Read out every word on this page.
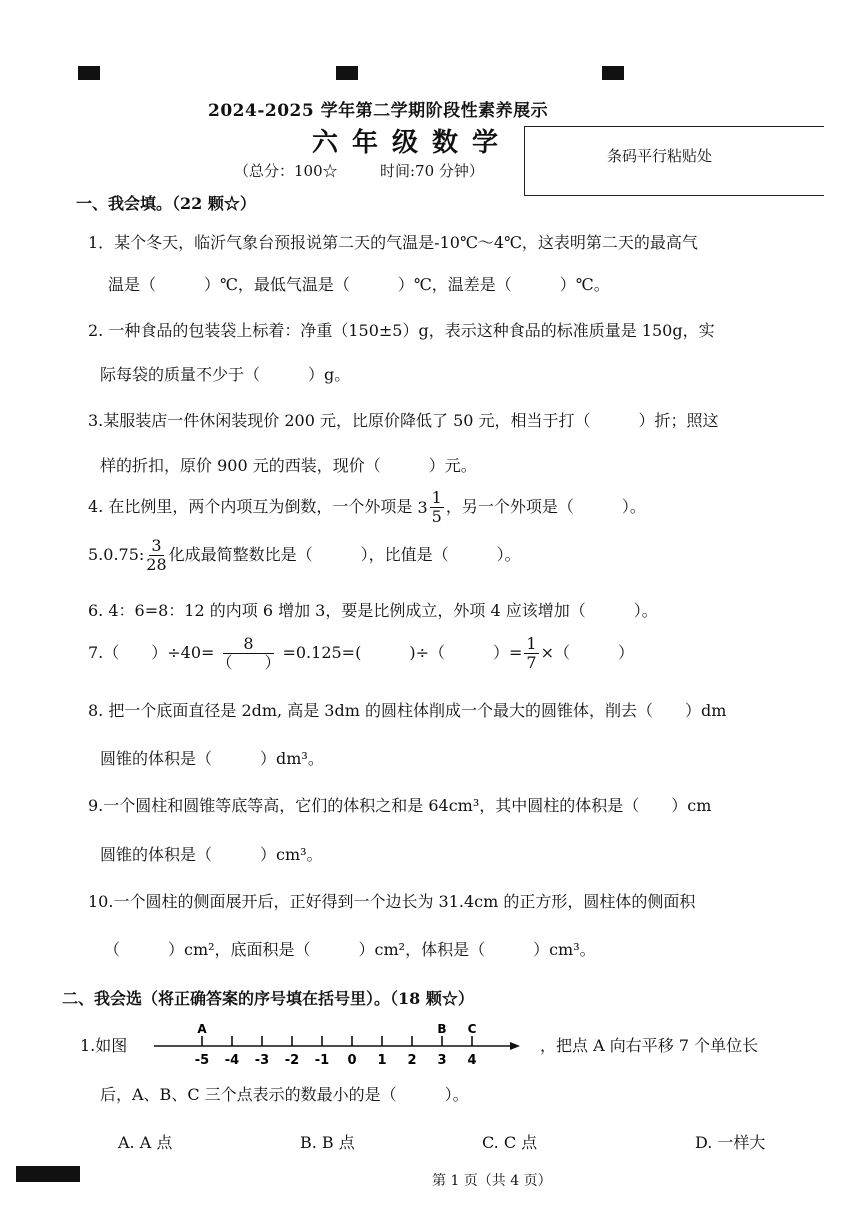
2024-2025 学年第二学期阶段性素养展示
六年级数学
（总分：100☆	时间:70 分钟）
条码平行粘贴处
一、我会填。（22 颗☆）
1．某个冬天，临沂气象台预报说第二天的气温是-10℃～4℃，这表明第二天的最高气
温是（　　　）℃，最低气温是（　　　）℃，温差是（　　　）℃。
2. 一种食品的包装袋上标着：净重（150±5）g，表示这种食品的标准质量是 150g，实
际每袋的质量不少于（　　　）g。
3.某服装店一件休闲装现价 200 元，比原价降低了 50 元，相当于打（　　　）折；照这
样的折扣，原价 900 元的西装，现价（　　　）元。
4. 在比例里，两个内项互为倒数，一个外项是 $3 \frac{1}{5}$ ，另一个外项是（　　　）。
5.0.75: $\frac{3}{28}$ 化成最简整数比是（　　　），比值是（　　　）。
6. 4：6=8：12 的内项 6 增加 3，要是比例成立，外项 4 应该增加（　　　）。
7.（　　）$\div 40= \frac{8}{( )} =0.125=$(　　　)÷（　　　）= $\frac{1}{7}$ ×（　　　）
8. 把一个底面直径是 2dm, 高是 3dm 的圆柱体削成一个最大的圆锥体，削去（　　）dm
圆锥的体积是（　　　）dm³。
9.一个圆柱和圆锥等底等高，它们的体积之和是 64cm³，其中圆柱的体积是（　　）cm
圆锥的体积是（　　　）cm³。
10.一个圆柱的侧面展开后，正好得到一个边长为 31.4cm 的正方形，圆柱体的侧面积
（　　　）cm²，底面积是（　　　）cm²，体积是（　　　）cm³。
二、我会选（将正确答案的序号填在括号里）。（18 颗☆）
1.如图
-5 -4 -3 -2 -1 0 1 2 3 4
A	B C
，把点 A 向右平移 7 个单位长
后，A、B、C 三个点表示的数最小的是（　　　）。
A. A 点	B. B 点	C. C 点	D. 一样大
第 1 页（共 4 页）
